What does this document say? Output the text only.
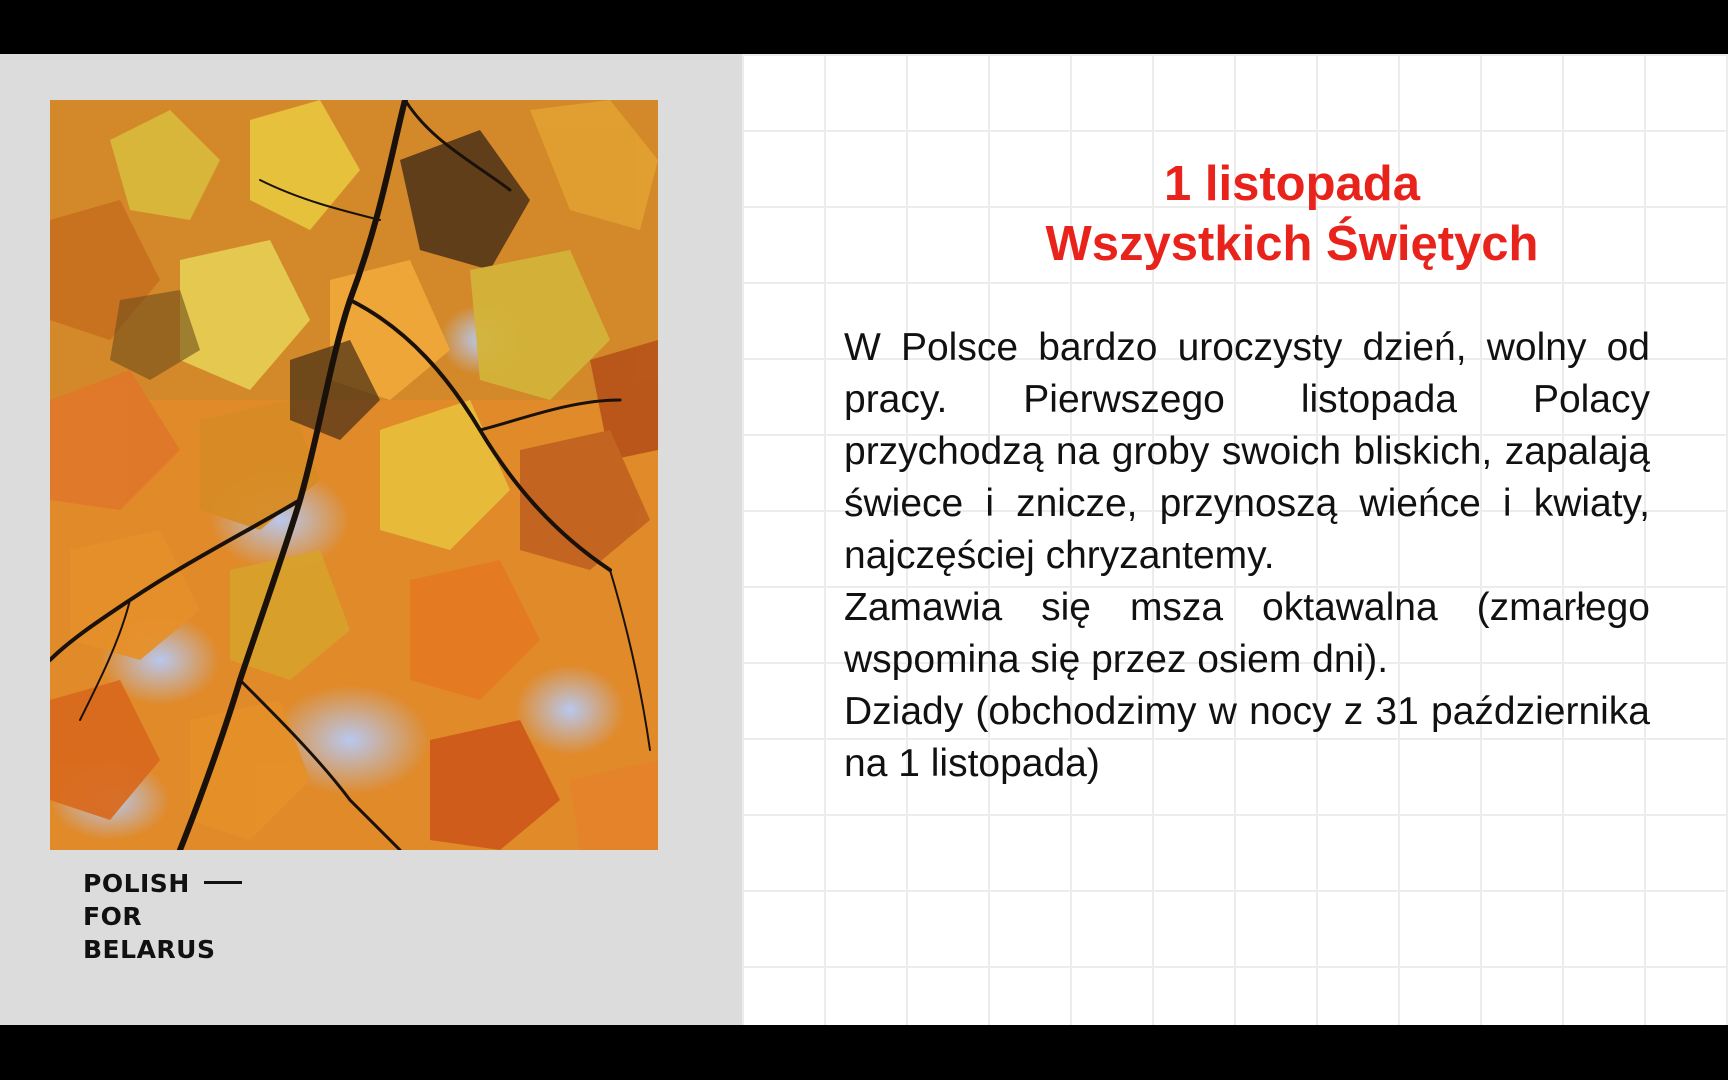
POLISH
FOR
BELARUS
1 listopada
Wszystkich Świętych

W Polsce bardzo uroczysty dzień, wolny od pracy. Pierwszego listopada Polacy przychodzą na groby swoich bliskich, zapalają świece i znicze, przynoszą wieńce i kwiaty, najczęściej chryzantemy.

Zamawia się msza oktawalna (zmarłego wspomina się przez osiem dni).

Dziady (obchodzimy w nocy z 31 października na 1 listopada)
